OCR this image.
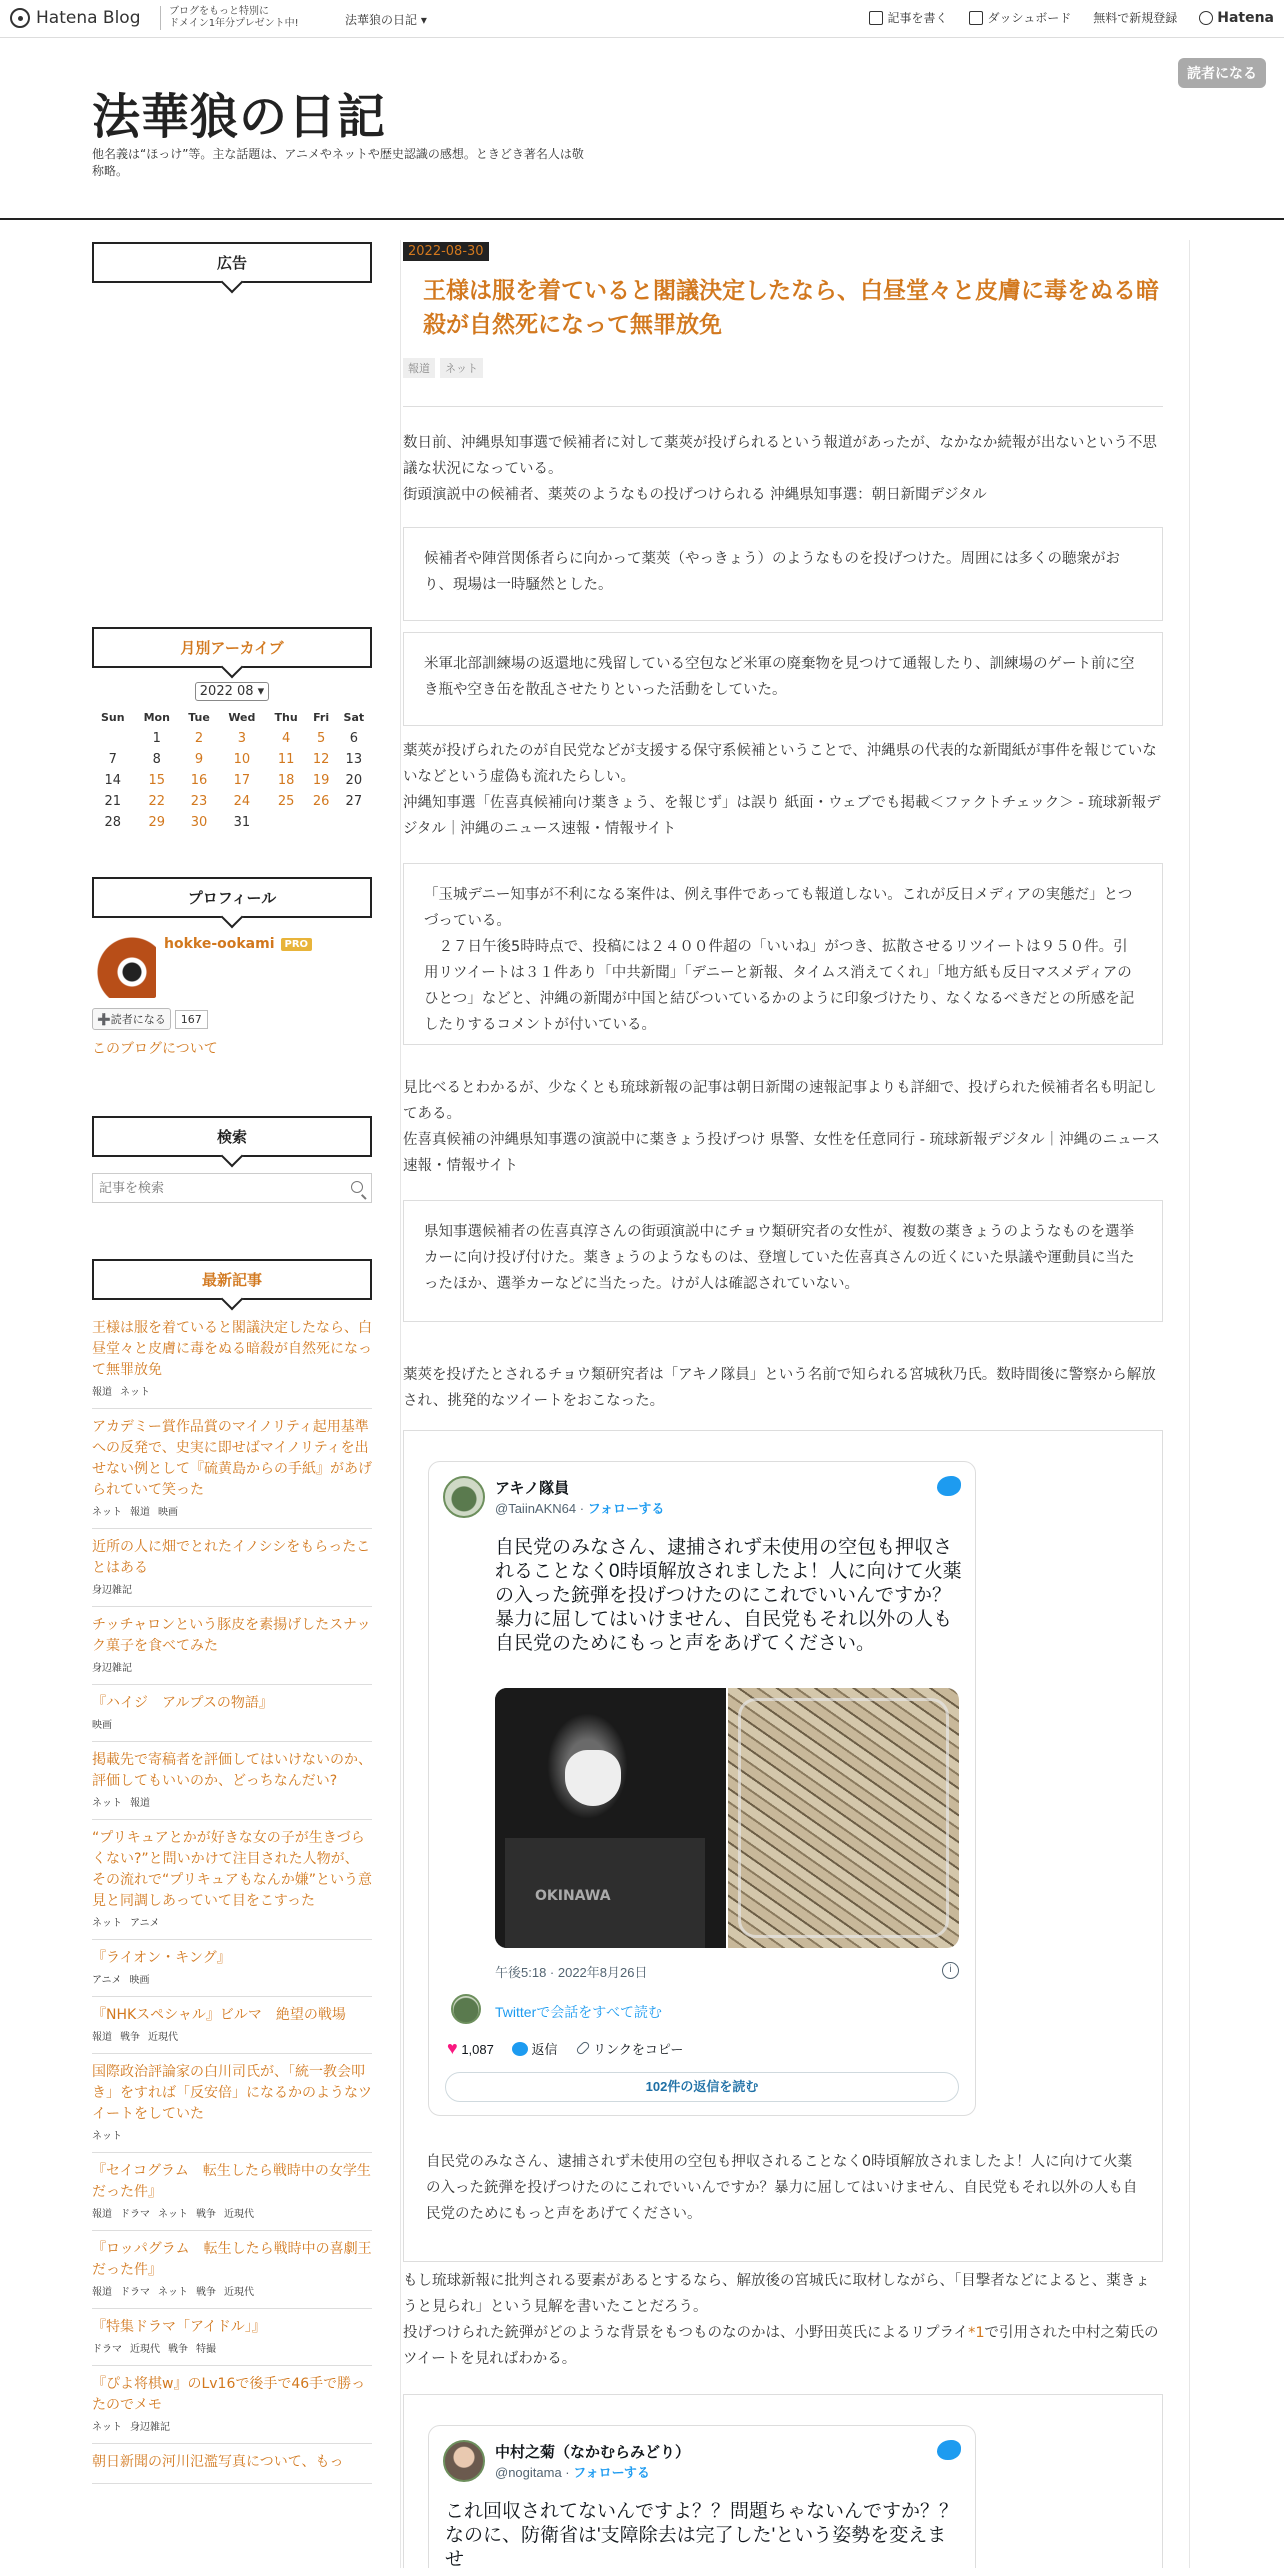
Hatena Blog	ブログをもっと特別に
ドメイン1年分プレゼント中!	法華狼の日記 ▾	記事を書く	ダッシュボード 無料で新規登録	Hatena
法華狼の日記
他名義は“ほっけ”等。主な話題は、アニメやネットや歴史認識の感想。ときどき著名人は敬称略。
読者になる
広告
月別アーカイブ
2022 08 ▾
Sun	Mon	Tue	Wed	Thu	Fri	Sat
	1	2	3	4	5	6
7	8	9	10	11	12	13
14	15	16	17	18	19	20
21	22	23	24	25	26	27
28	29	30	31			
プロフィール
hokke-ookami PRO
➕読者になる	167
このブログについて
検索
記事を検索
最新記事
王様は服を着ていると閣議決定したなら、白昼堂々と皮膚に毒をぬる暗殺が自然死になって無罪放免
報道 ネット
アカデミー賞作品賞のマイノリティ起用基準への反発で、史実に即せばマイノリティを出せない例として『硫黄島からの手紙』があげられていて笑った
ネット 報道 映画
近所の人に畑でとれたイノシシをもらったことはある
身辺雑記
チッチャロンという豚皮を素揚げしたスナック菓子を食べてみた
身辺雑記
『ハイジ　アルプスの物語』
映画
掲載先で寄稿者を評価してはいけないのか、評価してもいいのか、どっちなんだい?
ネット 報道
“プリキュアとかが好きな女の子が生きづらくない?”と問いかけて注目された人物が、その流れで“プリキュアもなんか嫌”という意見と同調しあっていて目をこすった
ネット アニメ
『ライオン・キング』
アニメ 映画
『NHKスペシャル』ビルマ　絶望の戦場
報道 戦争 近現代
国際政治評論家の白川司氏が、「統一教会叩き」をすれば「反安倍」になるかのようなツイートをしていた
ネット
『セイコグラム　転生したら戦時中の女学生だった件』
報道 ドラマ ネット 戦争 近現代
『ロッパグラム　転生したら戦時中の喜劇王だった件』
報道 ドラマ ネット 戦争 近現代
『特集ドラマ「アイドル」』
ドラマ 近現代 戦争 特撮
『ぴよ将棋w』のLv16で後手で46手で勝ったのでメモ
ネット 身辺雑記
朝日新聞の河川氾濫写真について、もっ
2022-08-30
王様は服を着ていると閣議決定したなら、白昼堂々と皮膚に毒をぬる暗殺が自然死になって無罪放免
報道	ネット
数日前、沖縄県知事選で候補者に対して薬莢が投げられるという報道があったが、なかなか続報が出ないという不思議な状況になっている。
街頭演説中の候補者、薬莢のようなもの投げつけられる 沖縄県知事選：朝日新聞デジタル
候補者や陣営関係者らに向かって薬莢（やっきょう）のようなものを投げつけた。周囲には多くの聴衆がおり、現場は一時騒然とした。
米軍北部訓練場の返還地に残留している空包など米軍の廃棄物を見つけて通報したり、訓練場のゲート前に空き瓶や空き缶を散乱させたりといった活動をしていた。
薬莢が投げられたのが自民党などが支援する保守系候補ということで、沖縄県の代表的な新聞紙が事件を報じていないなどという虚偽も流れたらしい。
沖縄知事選「佐喜真候補向け薬きょう、を報じず」は誤り 紙面・ウェブでも掲載＜ファクトチェック＞ - 琉球新報デジタル｜沖縄のニュース速報・情報サイト
「玉城デニー知事が不利になる案件は、例え事件であっても報道しない。これが反日メディアの実態だ」とつづっている。
　２７日午後5時時点で、投稿には２４００件超の「いいね」がつき、拡散させるリツイートは９５０件。引用リツイートは３１件あり「中共新聞」「デニーと新報、タイムス消えてくれ」「地方紙も反日マスメディアのひとつ」などと、沖縄の新聞が中国と結びついているかのように印象づけたり、なくなるべきだとの所感を記したりするコメントが付いている。
見比べるとわかるが、少なくとも琉球新報の記事は朝日新聞の速報記事よりも詳細で、投げられた候補者名も明記してある。
佐喜真候補の沖縄県知事選の演説中に薬きょう投げつけ 県警、女性を任意同行 - 琉球新報デジタル｜沖縄のニュース速報・情報サイト
県知事選候補者の佐喜真淳さんの街頭演説中にチョウ類研究者の女性が、複数の薬きょうのようなものを選挙カーに向け投げ付けた。薬きょうのようなものは、登壇していた佐喜真さんの近くにいた県議や運動員に当たったほか、選挙カーなどに当たった。けが人は確認されていない。
薬莢を投げたとされるチョウ類研究者は「アキノ隊員」という名前で知られる宮城秋乃氏。数時間後に警察から解放され、挑発的なツイートをおこなった。
アキノ隊員
@TaiinAKN64 · フォローする
自民党のみなさん、逮捕されず未使用の空包も押収されることなく0時頃解放されましたよ！人に向けて火薬の入った銃弾を投げつけたのにこれでいいんですか？暴力に屈してはいけません、自民党もそれ以外の人も自民党のためにもっと声をあげてください。
OKINAWA
午後5:18 · 2022年8月26日	i
Twitterで会話をすべて読む
♥ 1,087	返信	リンクをコピー
102件の返信を読む
自民党のみなさん、逮捕されず未使用の空包も押収されることなく0時頃解放されましたよ！人に向けて火薬の入った銃弾を投げつけたのにこれでいいんですか？暴力に屈してはいけません、自民党もそれ以外の人も自民党のためにもっと声をあげてください。
もし琉球新報に批判される要素があるとするなら、解放後の宮城氏に取材しながら、「目撃者などによると、薬きょうと見られ」という見解を書いたことだろう。
投げつけられた銃弾がどのような背景をもつものなのかは、小野田英氏によるリプライ*1で引用された中村之菊氏のツイートを見ればわかる。
中村之菊（なかむらみどり）
@nogitama · フォローする
これ回収されてないんですよ？？問題ちゃないんですか？？なのに、防衛省は'支障除去は完了した'という姿勢を変えませ
